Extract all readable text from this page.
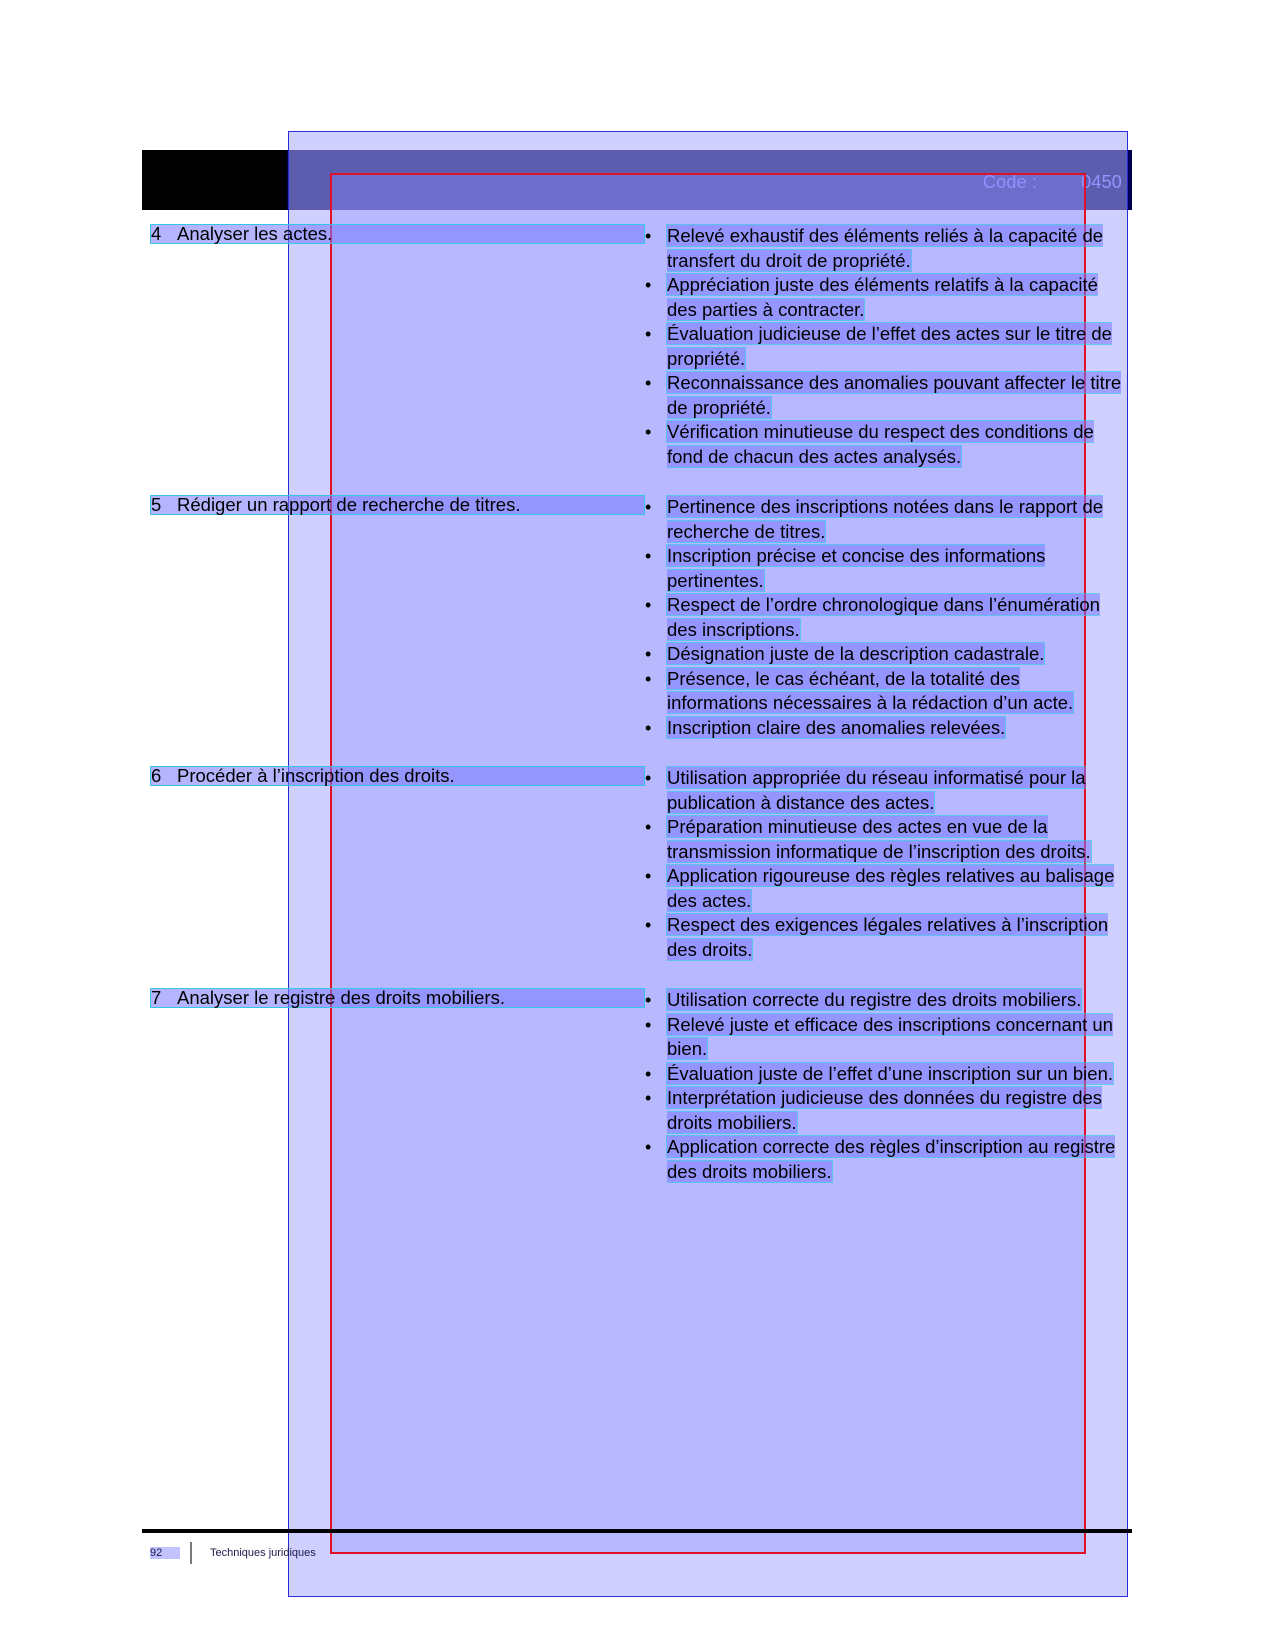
4 Analyser les actes.	• Relevé exhaustif des éléments reliés à la capacité de transfert du droit de propriété.
• Appréciation juste des éléments relatifs à la capacité des parties à contracter.
• Évaluation judicieuse de l’effet des actes sur le titre de propriété.
• Reconnaissance des anomalies pouvant affecter le titre de propriété.
• Vérification minutieuse du respect des conditions de fond de chacun des actes analysés.
5 Rédiger un rapport de recherche de titres.	• Pertinence des inscriptions notées dans le rapport de recherche de titres.
• Inscription précise et concise des informations pertinentes.
• Respect de l’ordre chronologique dans l’énumération des inscriptions.
• Désignation juste de la description cadastrale.
• Présence, le cas échéant, de la totalité des informations nécessaires à la rédaction d’un acte.
• Inscription claire des anomalies relevées.
6 Procéder à l’inscription des droits.	• Utilisation appropriée du réseau informatisé pour la publication à distance des actes.
• Préparation minutieuse des actes en vue de la transmission informatique de l’inscription des droits.
• Application rigoureuse des règles relatives au balisage des actes.
• Respect des exigences légales relatives à l’inscription des droits.
7 Analyser le registre des droits mobiliers.	• Utilisation correcte du registre des droits mobiliers.
• Relevé juste et efficace des inscriptions concernant un bien.
• Évaluation juste de l’effet d’une inscription sur un bien.
• Interprétation judicieuse des données du registre des droits mobiliers.
• Application correcte des règles d’inscription au registre des droits mobiliers.
92	Techniques juridiques
